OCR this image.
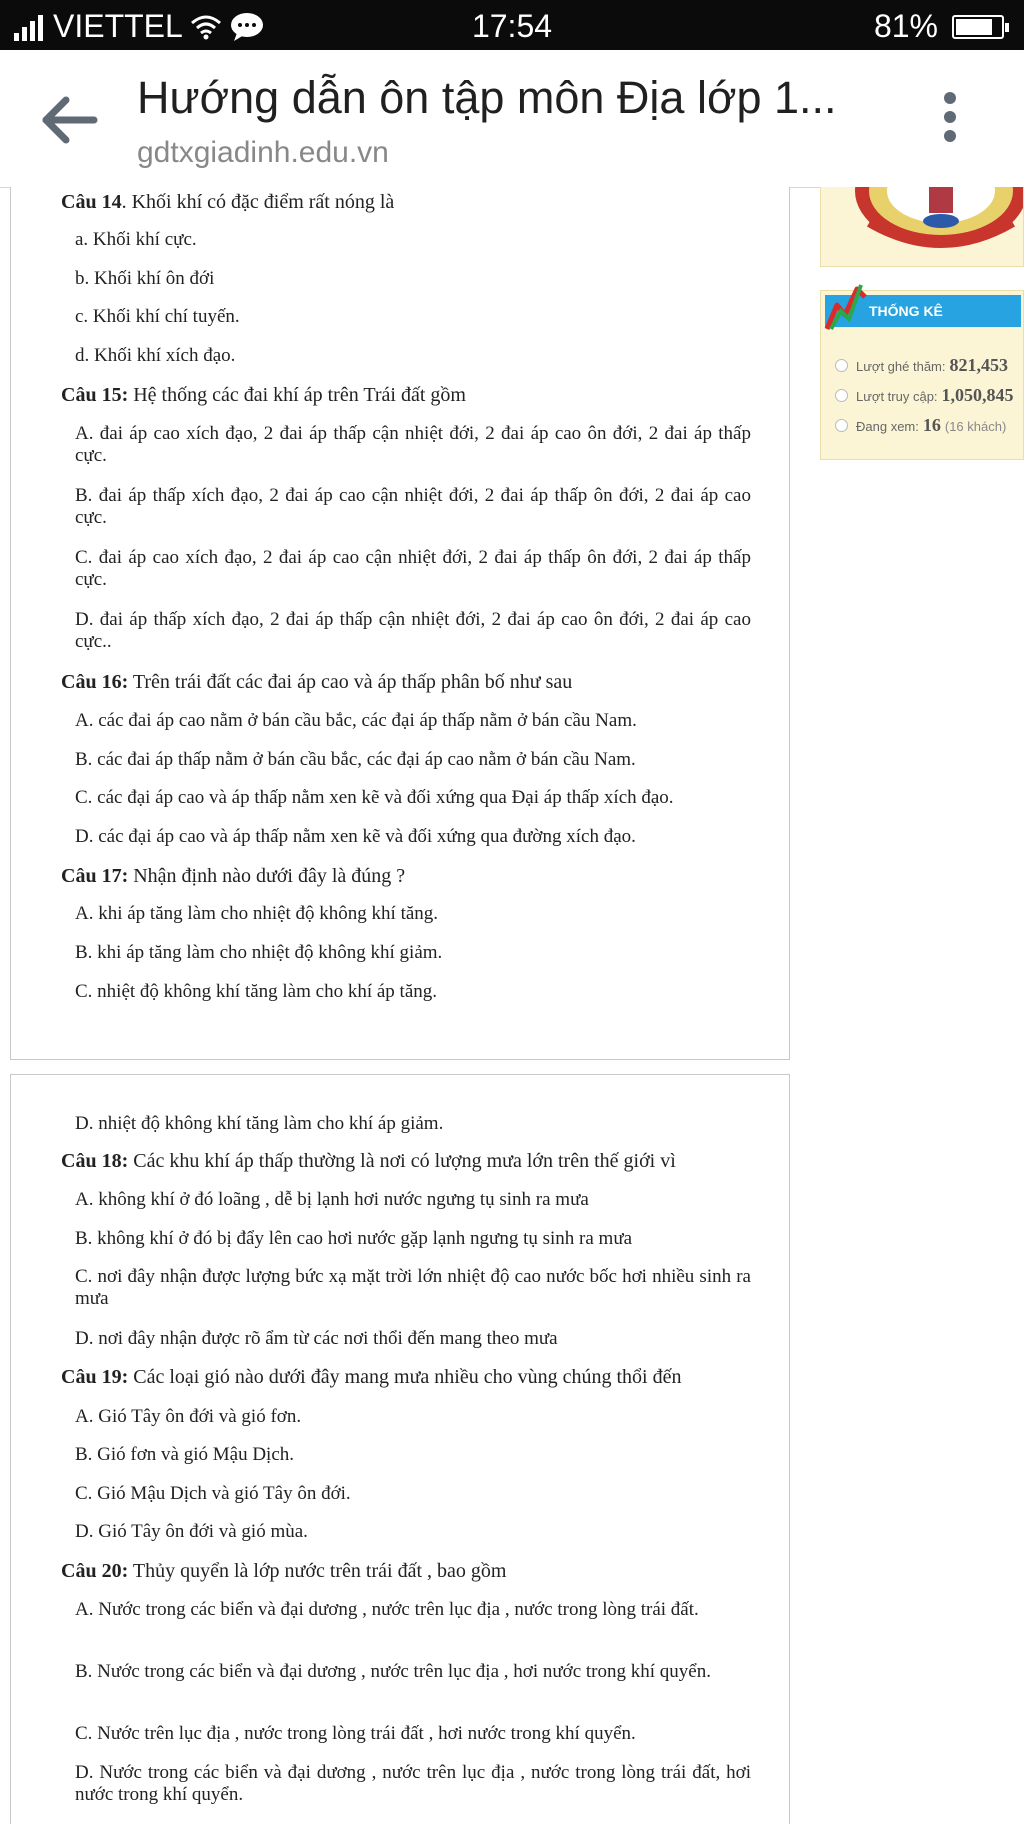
VIETTEL	17:54	81%
Hướng dẫn ôn tập môn Địa lớp 1...
gdtxgiadinh.edu.vn
Câu 14. Khối khí có đặc điểm rất nóng là
a. Khối khí cực.
b. Khối khí ôn đới
c. Khối khí chí tuyến.
d. Khối khí xích đạo.
Câu 15: Hệ thống các đai khí áp trên Trái đất gồm
A. đai áp cao xích đạo, 2 đai áp thấp cận nhiệt đới, 2 đai áp cao ôn đới, 2 đai áp thấp cực.
B. đai áp thấp xích đạo, 2 đai áp cao cận nhiệt đới, 2 đai áp thấp ôn đới, 2 đai áp cao cực.
C. đai áp cao xích đạo, 2 đai áp cao cận nhiệt đới, 2 đai áp thấp ôn đới, 2 đai áp thấp cực.
D. đai áp thấp xích đạo, 2 đai áp thấp cận nhiệt đới, 2 đai áp cao ôn đới, 2 đai áp cao cực..
Câu 16: Trên trái đất các đai áp cao và áp thấp phân bố như sau
A. các đai áp cao nằm ở bán cầu bắc, các đại áp thấp nằm ở bán cầu Nam.
B. các đai áp thấp nằm ở bán cầu bắc, các đại áp cao nằm ở bán cầu Nam.
C. các đại áp cao và áp thấp nằm xen kẽ và đối xứng qua Đại áp thấp xích đạo.
D. các đại áp cao và áp thấp nằm xen kẽ và đối xứng qua đường xích đạo.
Câu 17: Nhận định nào dưới đây là đúng ?
A. khi áp tăng làm cho nhiệt độ không khí tăng.
B. khi áp tăng làm cho nhiệt độ không khí giảm.
C. nhiệt độ không khí tăng làm cho khí áp tăng.
D. nhiệt độ không khí tăng làm cho khí áp giảm.
Câu 18: Các khu khí áp thấp thường là nơi có lượng mưa lớn trên thế giới vì
A. không khí ở đó loãng , dễ bị lạnh hơi nước ngưng tụ sinh ra mưa
B. không khí ở đó bị đẩy lên cao hơi nước gặp lạnh ngưng tụ sinh ra mưa
C. nơi đây nhận được lượng bức xạ mặt trời lớn nhiệt độ cao nước bốc hơi nhiều sinh ra mưa
D. nơi đây nhận được rõ ẩm từ các nơi thổi đến mang theo mưa
Câu 19: Các loại gió nào dưới đây mang mưa nhiều cho vùng chúng thổi đến
A. Gió Tây ôn đới và gió fơn.
B. Gió fơn và gió Mậu Dịch.
C. Gió Mậu Dịch và gió Tây ôn đới.
D. Gió Tây ôn đới và gió mùa.
Câu 20: Thủy quyển là lớp nước trên trái đất , bao gồm
A. Nước trong các biển và đại dương , nước trên lục địa , nước trong lòng trái đất.
B. Nước trong các biển và đại dương , nước trên lục địa , hơi nước trong khí quyển.
C. Nước trên lục địa , nước trong lòng trái đất , hơi nước trong khí quyển.
D. Nước trong các biển và đại dương , nước trên lục địa , nước trong lòng trái đất, hơi nước trong khí quyển.
THỐNG KÊ
Lượt ghé thăm: 821,453
Lượt truy cập: 1,050,845
Đang xem: 16 (16 khách)
